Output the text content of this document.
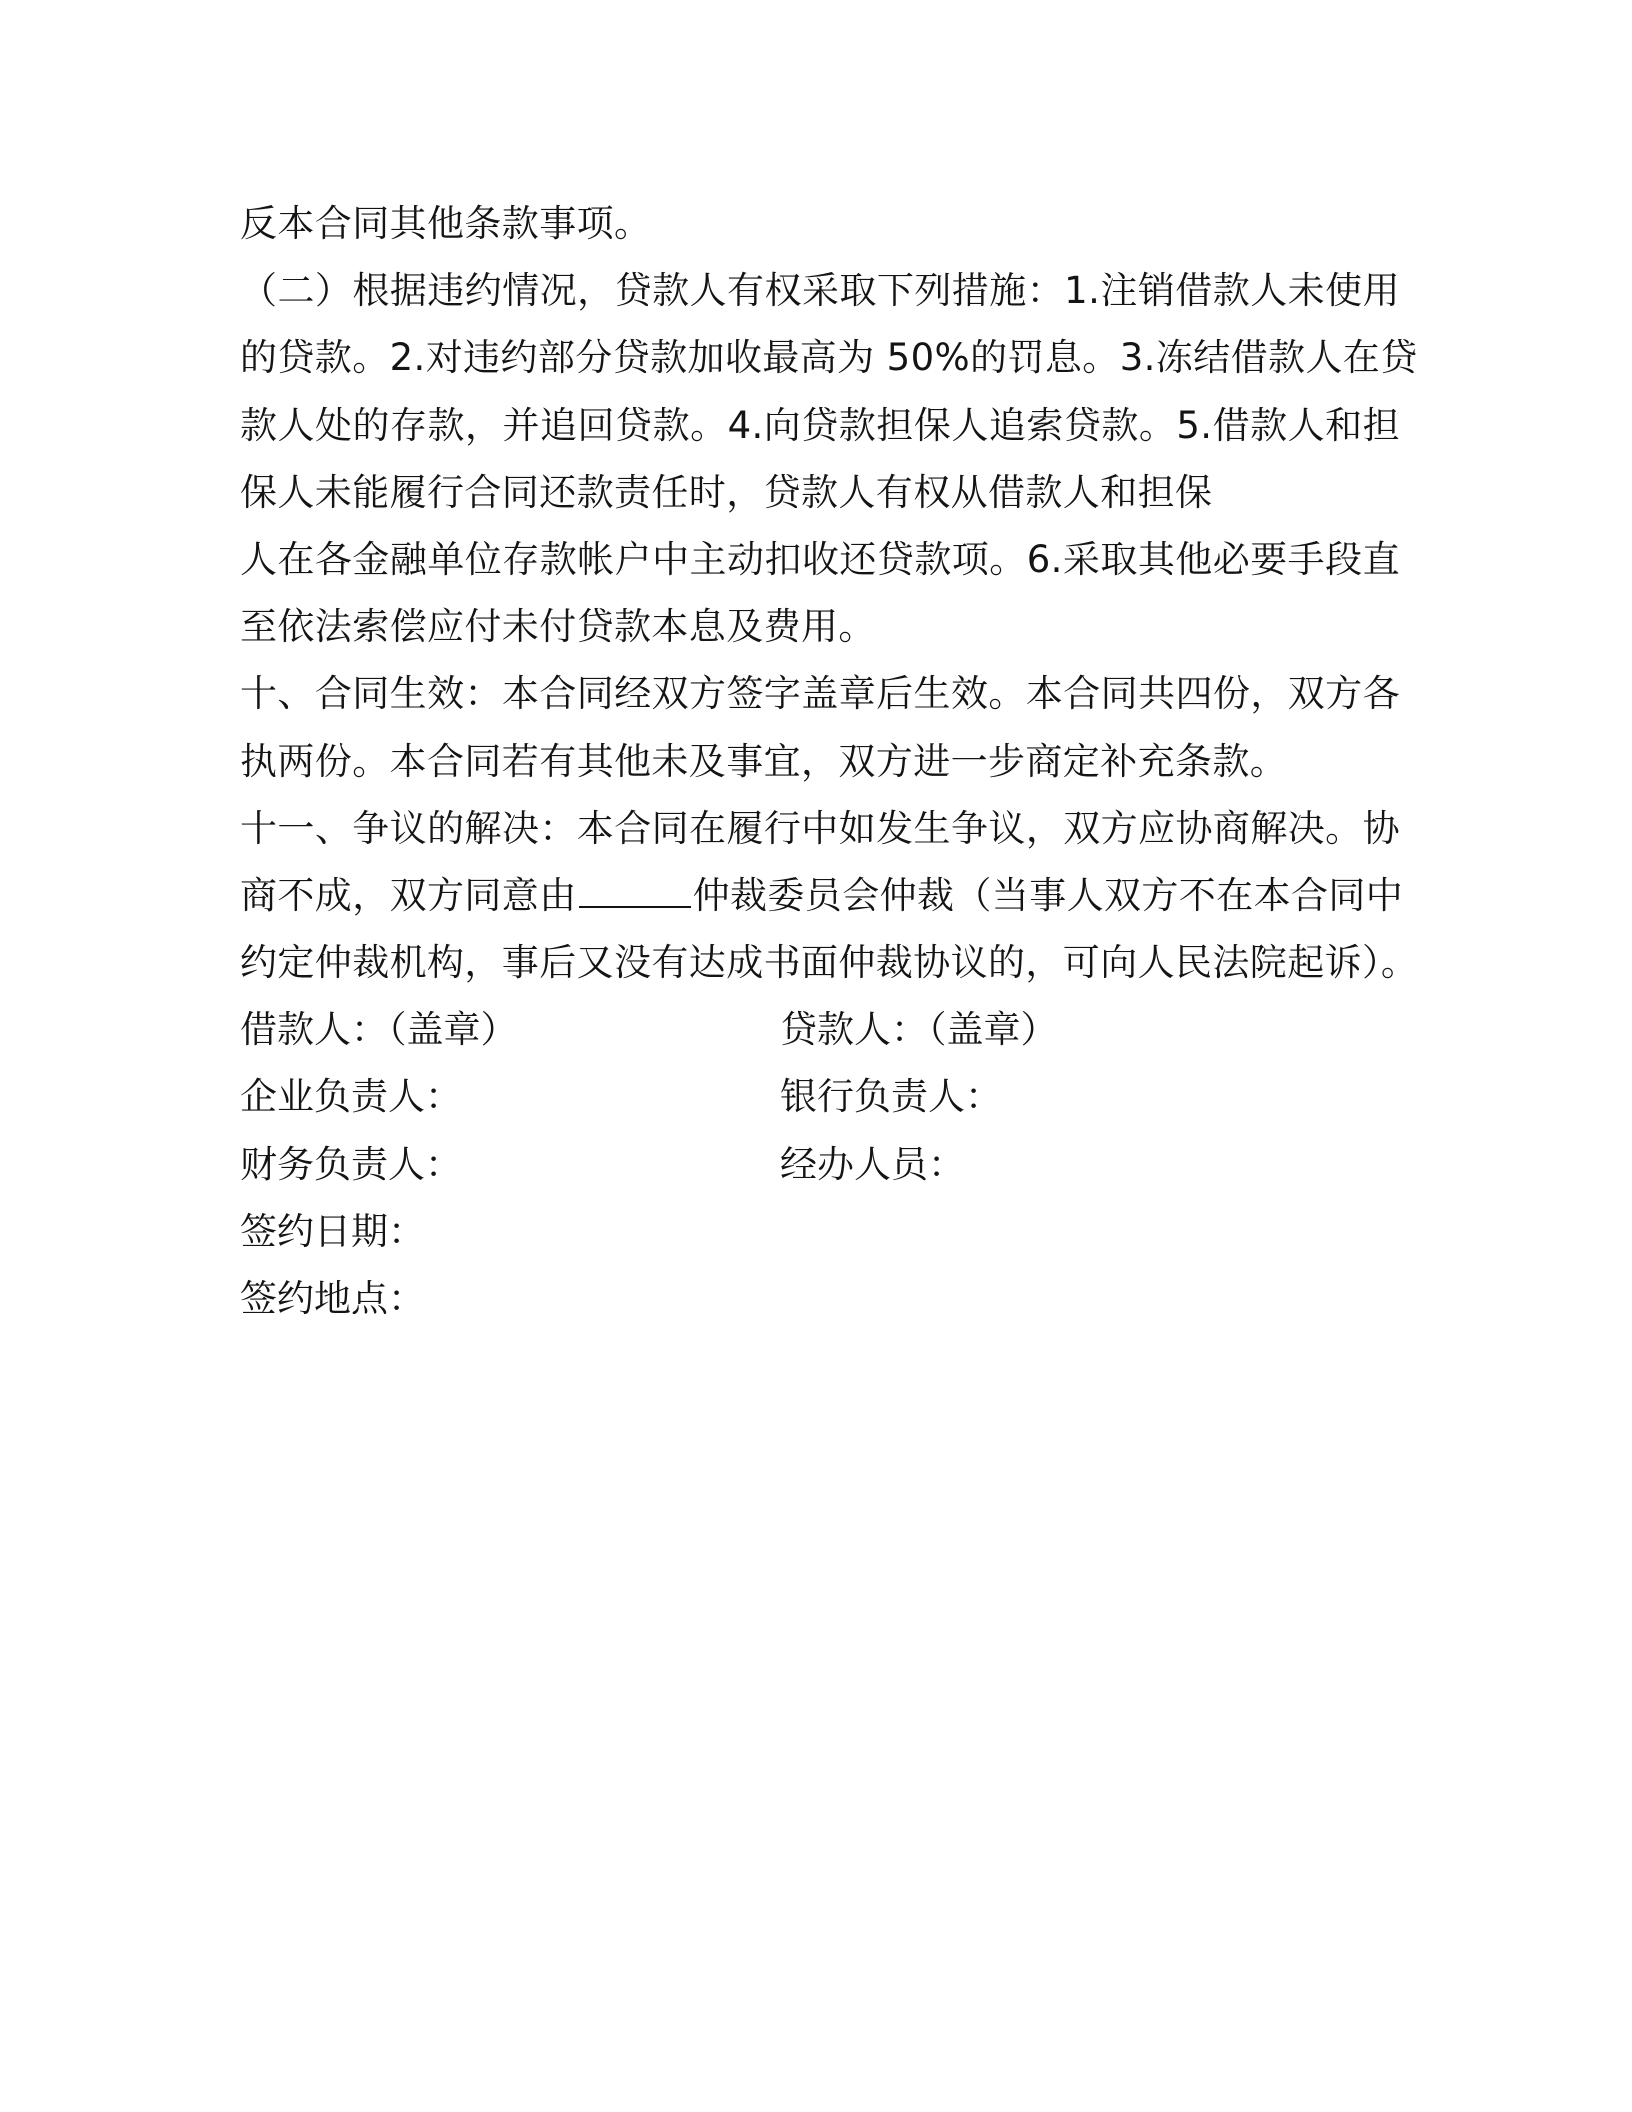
反本合同其他条款事项。
（二）根据违约情况，贷款人有权采取下列措施：1.注销借款人未使用
的贷款。2.对违约部分贷款加收最高为 50%的罚息。3.冻结借款人在贷
款人处的存款，并追回贷款。4.向贷款担保人追索贷款。5.借款人和担
保人未能履行合同还款责任时，贷款人有权从借款人和担保
人在各金融单位存款帐户中主动扣收还贷款项。6.采取其他必要手段直
至依法索偿应付未付贷款本息及费用。
十、合同生效：本合同经双方签字盖章后生效。本合同共四份，双方各
执两份。本合同若有其他未及事宜，双方进一步商定补充条款。
十一、争议的解决：本合同在履行中如发生争议，双方应协商解决。协
商不成，双方同意由	仲裁委员会仲裁（当事人双方不在本合同中
约定仲裁机构，事后又没有达成书面仲裁协议的，可向人民法院起诉）。
借款人：（盖章）	贷款人：（盖章）
企业负责人：	银行负责人：
财务负责人：	经办人员：
签约日期：
签约地点：
